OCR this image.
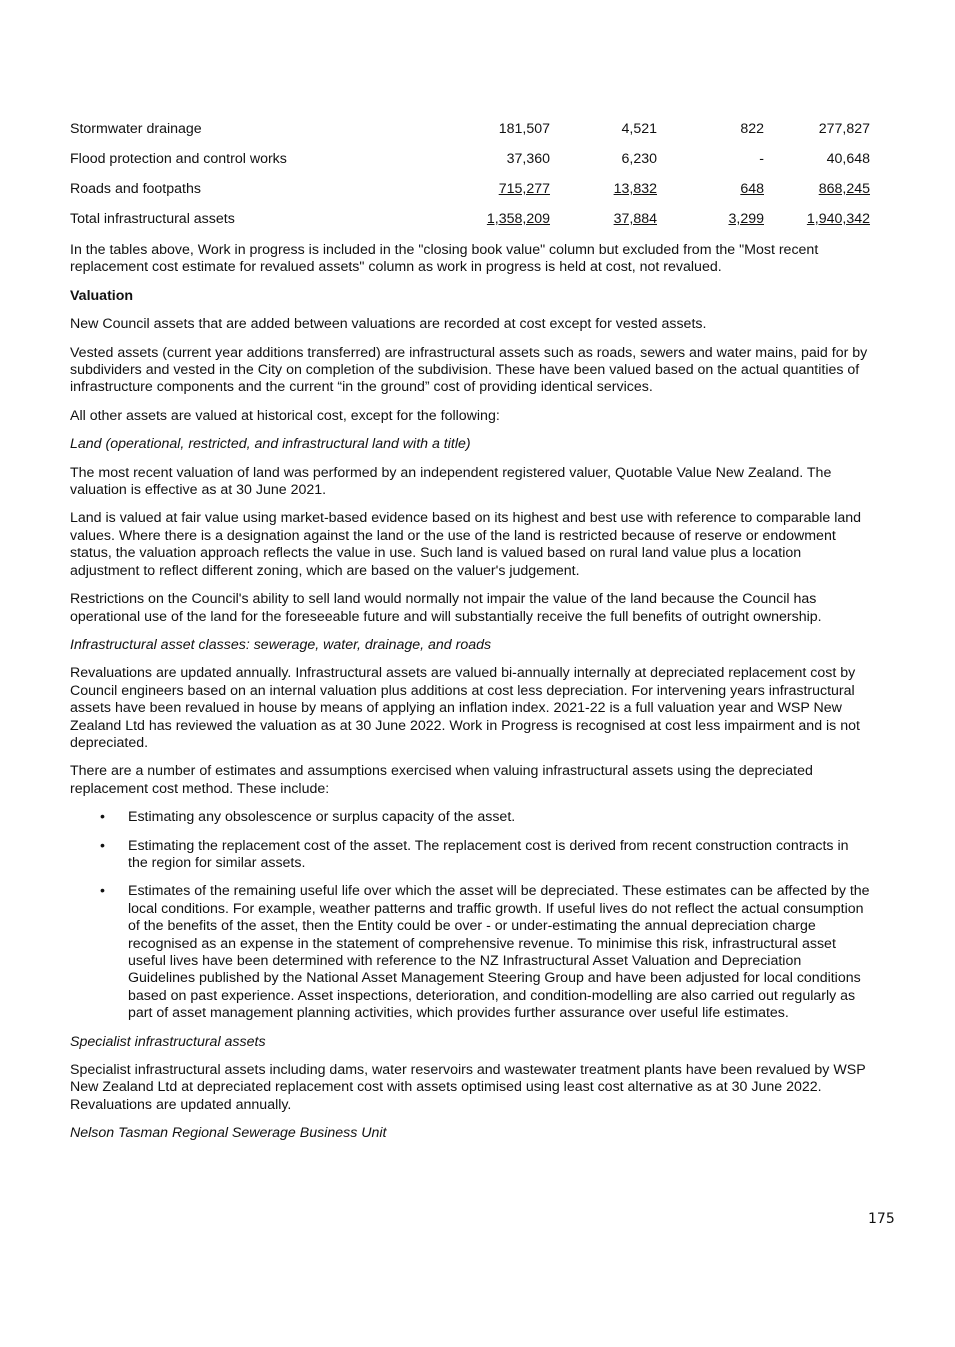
Stormwater drainage	181,507	4,521	822	277,827
Flood protection and control works	37,360	6,230	-	40,648
Roads and footpaths	715,277	13,832	648	868,245
Total infrastructural assets	1,358,209	37,884	3,299	1,940,342

In the tables above, Work in progress is included in the "closing book value" column but excluded from the "Most recent replacement cost estimate for revalued assets" column as work in progress is held at cost, not revalued.

Valuation

New Council assets that are added between valuations are recorded at cost except for vested assets.

Vested assets (current year additions transferred) are infrastructural assets such as roads, sewers and water mains, paid for by subdividers and vested in the City on completion of the subdivision. These have been valued based on the actual quantities of infrastructure components and the current “in the ground” cost of providing identical services.

All other assets are valued at historical cost, except for the following:

Land (operational, restricted, and infrastructural land with a title)

The most recent valuation of land was performed by an independent registered valuer, Quotable Value New Zealand. The valuation is effective as at 30 June 2021.

Land is valued at fair value using market-based evidence based on its highest and best use with reference to comparable land values. Where there is a designation against the land or the use of the land is restricted because of reserve or endowment status, the valuation approach reflects the value in use. Such land is valued based on rural land value plus a location adjustment to reflect different zoning, which are based on the valuer's judgement.

Restrictions on the Council's ability to sell land would normally not impair the value of the land because the Council has operational use of the land for the foreseeable future and will substantially receive the full benefits of outright ownership.

Infrastructural asset classes: sewerage, water, drainage, and roads

Revaluations are updated annually. Infrastructural assets are valued bi-annually internally at depreciated replacement cost by Council engineers based on an internal valuation plus additions at cost less depreciation. For intervening years infrastructural assets have been revalued in house by means of applying an inflation index. 2021-22 is a full valuation year and WSP New Zealand Ltd has reviewed the valuation as at 30 June 2022. Work in Progress is recognised at cost less impairment and is not depreciated.

There are a number of estimates and assumptions exercised when valuing infrastructural assets using the depreciated replacement cost method. These include:

• Estimating any obsolescence or surplus capacity of the asset.
• Estimating the replacement cost of the asset. The replacement cost is derived from recent construction contracts in the region for similar assets.
• Estimates of the remaining useful life over which the asset will be depreciated. These estimates can be affected by the local conditions. For example, weather patterns and traffic growth. If useful lives do not reflect the actual consumption of the benefits of the asset, then the Entity could be over - or under-estimating the annual depreciation charge recognised as an expense in the statement of comprehensive revenue. To minimise this risk, infrastructural asset useful lives have been determined with reference to the NZ Infrastructural Asset Valuation and Depreciation Guidelines published by the National Asset Management Steering Group and have been adjusted for local conditions based on past experience. Asset inspections, deterioration, and condition-modelling are also carried out regularly as part of asset management planning activities, which provides further assurance over useful life estimates.

Specialist infrastructural assets

Specialist infrastructural assets including dams, water reservoirs and wastewater treatment plants have been revalued by WSP New Zealand Ltd at depreciated replacement cost with assets optimised using least cost alternative as at 30 June 2022. Revaluations are updated annually.

Nelson Tasman Regional Sewerage Business Unit

175
